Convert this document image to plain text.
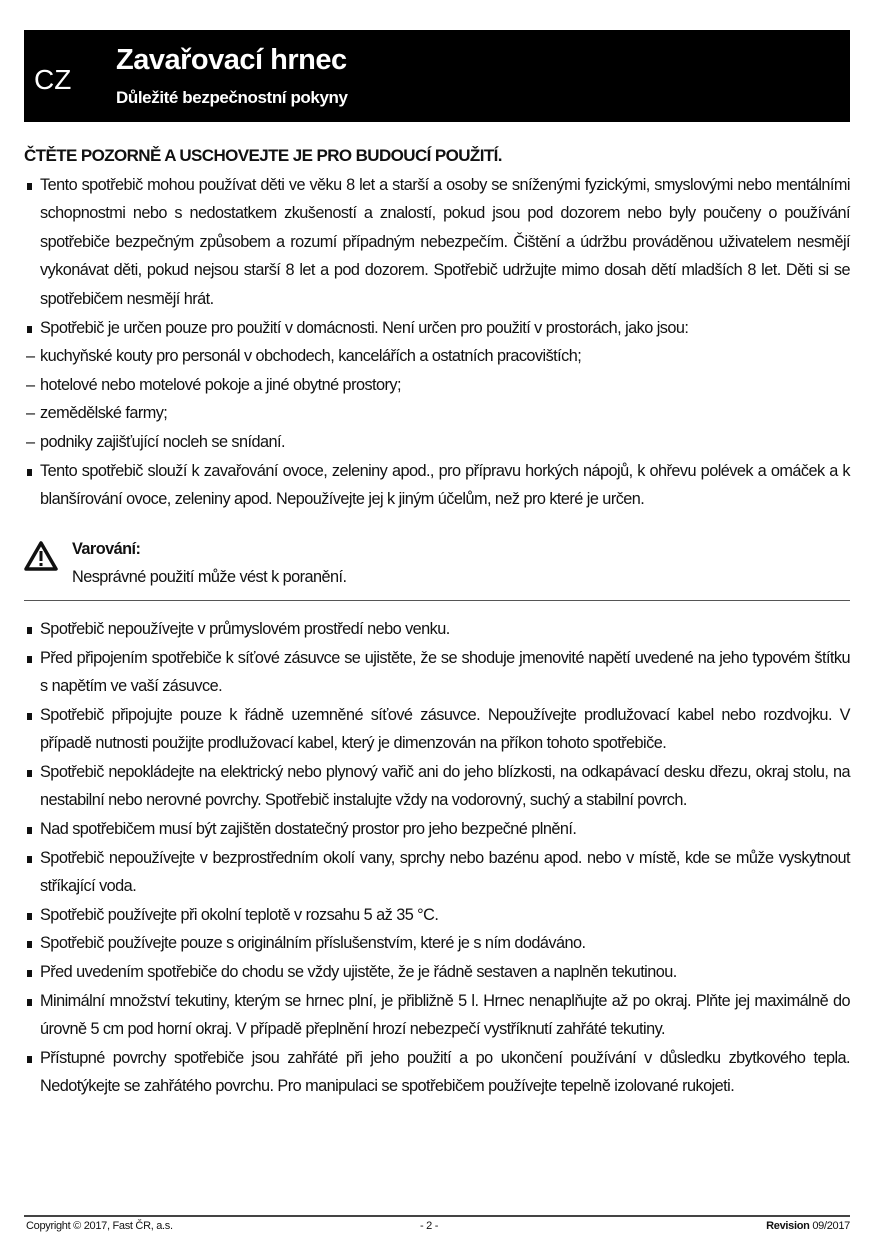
CZ
Zavařovací hrnec
Důležité bezpečnostní pokyny
ČTĚTE POZORNĚ A USCHOVEJTE JE PRO BUDOUCÍ POUŽITÍ.
Tento spotřebič mohou používat děti ve věku 8 let a starší a osoby se sníženými fyzickými, smyslovými nebo mentálními schopnostmi nebo s nedostatkem zkušeností a znalostí, pokud jsou pod dozorem nebo byly poučeny o používání spotřebiče bezpečným způsobem a rozumí případným nebezpečím. Čištění a údržbu prováděnou uživatelem nesmějí vykonávat děti, pokud nejsou starší 8 let a pod dozorem. Spotřebič udržujte mimo dosah dětí mladších 8 let. Děti si se spotřebičem nesmějí hrát.
Spotřebič je určen pouze pro použití v domácnosti. Není určen pro použití v prostorách, jako jsou:
– kuchyňské kouty pro personál v obchodech, kancelářích a ostatních pracovištích;
– hotelové nebo motelové pokoje a jiné obytné prostory;
– zemědělské farmy;
– podniky zajišťující nocleh se snídaní.
Tento spotřebič slouží k zavařování ovoce, zeleniny apod., pro přípravu horkých nápojů, k ohřevu polévek a omáček a k blanšírování ovoce, zeleniny apod. Nepoužívejte jej k jiným účelům, než pro které je určen.
Varování:
Nesprávné použití může vést k poranění.
Spotřebič nepoužívejte v průmyslovém prostředí nebo venku.
Před připojením spotřebiče k síťové zásuvce se ujistěte, že se shoduje jmenovité napětí uvedené na jeho typovém štítku s napětím ve vaší zásuvce.
Spotřebič připojujte pouze k řádně uzemněné síťové zásuvce. Nepoužívejte prodlužovací kabel nebo rozdvojku. V případě nutnosti použijte prodlužovací kabel, který je dimenzován na příkon tohoto spotřebiče.
Spotřebič nepokládejte na elektrický nebo plynový vařič ani do jeho blízkosti, na odkapávací desku dřezu, okraj stolu, na nestabilní nebo nerovné povrchy. Spotřebič instalujte vždy na vodorovný, suchý a stabilní povrch.
Nad spotřebičem musí být zajištěn dostatečný prostor pro jeho bezpečné plnění.
Spotřebič nepoužívejte v bezprostředním okolí vany, sprchy nebo bazénu apod. nebo v místě, kde se může vyskytnout stříkající voda.
Spotřebič používejte při okolní teplotě v rozsahu 5 až 35 °C.
Spotřebič používejte pouze s originálním příslušenstvím, které je s ním dodáváno.
Před uvedením spotřebiče do chodu se vždy ujistěte, že je řádně sestaven a naplněn tekutinou.
Minimální množství tekutiny, kterým se hrnec plní, je přibližně 5 l. Hrnec nenaplňujte až po okraj. Plňte jej maximálně do úrovně 5 cm pod horní okraj. V případě přeplnění hrozí nebezpečí vystříknutí zahřáté tekutiny.
Přístupné povrchy spotřebiče jsou zahřáté při jeho použití a po ukončení používání v důsledku zbytkového tepla. Nedotýkejte se zahřátého povrchu. Pro manipulaci se spotřebičem používejte tepelně izolované rukojeti.
Copyright © 2017, Fast ČR, a.s.	- 2 -	Revision 09/2017
